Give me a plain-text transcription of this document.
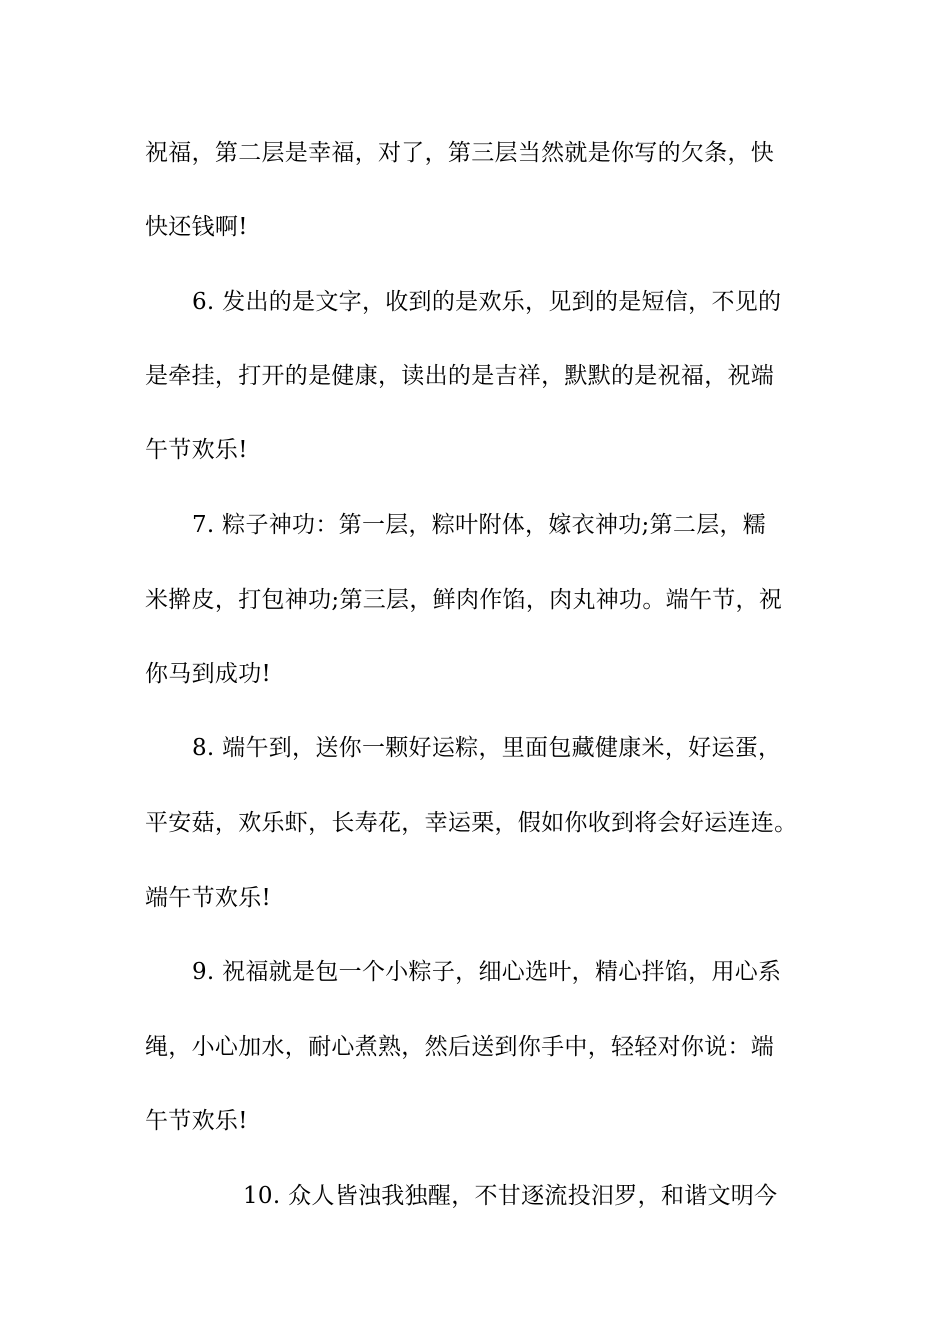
祝福，第二层是幸福，对了，第三层当然就是你写的欠条，快
快还钱啊!
6. 发出的是文字，收到的是欢乐，见到的是短信，不见的
是牵挂，打开的是健康，读出的是吉祥，默默的是祝福，祝端
午节欢乐!
7. 粽子神功：第一层，粽叶附体，嫁衣神功;第二层，糯
米擀皮，打包神功;第三层，鲜肉作馅，肉丸神功。端午节，祝
你马到成功!
8. 端午到，送你一颗好运粽，里面包藏健康米，好运蛋，
平安菇，欢乐虾，长寿花，幸运栗，假如你收到将会好运连连。
端午节欢乐!
9. 祝福就是包一个小粽子，细心选叶，精心拌馅，用心系
绳，小心加水，耐心煮熟，然后送到你手中，轻轻对你说：端
午节欢乐!
10. 众人皆浊我独醒，不甘逐流投汨罗，和谐文明今
